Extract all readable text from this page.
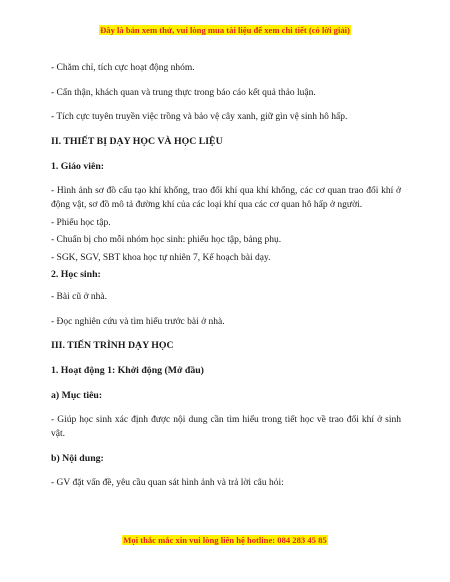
Đây là bản xem thử, vui lòng mua tài liệu để xem chi tiết (có lời giải)

- Chăm chỉ, tích cực hoạt động nhóm.

- Cẩn thận, khách quan và trung thực trong báo cáo kết quả thảo luận.

- Tích cực tuyên truyền việc trồng và bảo vệ cây xanh, giữ gìn vệ sinh hô hấp.

II. THIẾT BỊ DẠY HỌC VÀ HỌC LIỆU

1. Giáo viên:

- Hình ảnh sơ đồ cấu tạo khí khổng, trao đổi khí qua khí khổng, các cơ quan trao đổi khí ở động vật, sơ đồ mô tả đường khí của các loại khí qua các cơ quan hô hấp ở người.

- Phiếu học tập.

- Chuẩn bị cho mỗi nhóm học sinh: phiếu học tập, bảng phụ.

- SGK, SGV, SBT khoa học tự nhiên 7, Kế hoạch bài dạy.

2. Học sinh:

- Bài cũ ở nhà.

- Đọc nghiên cứu và tìm hiểu trước bài ở nhà.

III. TIẾN TRÌNH DẠY HỌC

1. Hoạt động 1: Khởi động (Mở đầu)

a) Mục tiêu:

- Giúp học sinh xác định được nội dung cần tìm hiểu trong tiết học về trao đổi khí ở sinh vật.

b) Nội dung:

- GV đặt vấn đề, yêu cầu quan sát hình ảnh và trả lời câu hỏi:

Mọi thắc mắc xin vui lòng liên hệ hotline: 084 283 45 85
